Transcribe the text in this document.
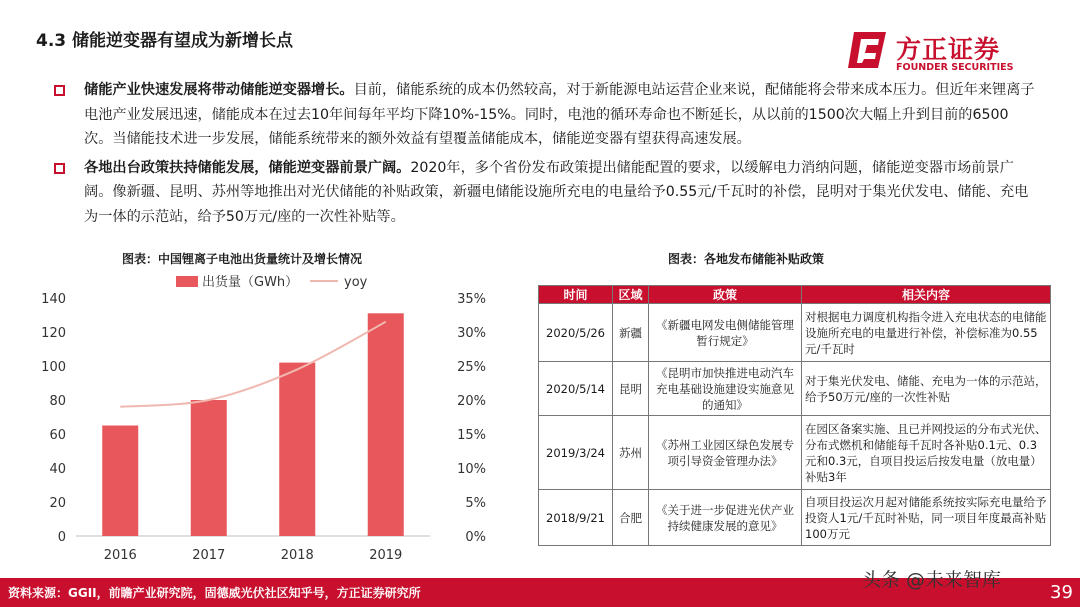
4.3 储能逆变器有望成为新增长点	方正证券
FOUNDER SECURITIES
储能产业快速发展将带动储能逆变器增长。目前，储能系统的成本仍然较高，对于新能源电站运营企业来说，配储能将会带来成本压力。但近年来锂离子电池产业发展迅速，储能成本在过去10年间每年平均下降10%-15%。同时，电池的循环寿命也不断延长，从以前的1500次大幅上升到目前的6500次。当储能技术进一步发展，储能系统带来的额外效益有望覆盖储能成本，储能逆变器有望获得高速发展。
各地出台政策扶持储能发展，储能逆变器前景广阔。2020年，多个省份发布政策提出储能配置的要求，以缓解电力消纳问题，储能逆变器市场前景广阔。像新疆、昆明、苏州等地推出对光伏储能的补贴政策，新疆电储能设施所充电的电量给予0.55元/千瓦时的补偿，昆明对于集光伏发电、储能、充电为一体的示范站，给予50万元/座的一次性补贴等。
图表：中国锂离子电池出货量统计及增长情况	图表：各地发布储能补贴政策
0
20
40
60
80
100
120
140
0%
5%
10%
15%
20%
25%
30%
35%
2016	2017	2018	2019
出货量（GWh）	yoy
时间	区域	政策	相关内容
2020/5/26	新疆	《新疆电网发电侧储能管理暂行规定》	对根据电力调度机构指令进入充电状态的电储能设施所充电的电量进行补偿，补偿标准为0.55元/千瓦时
2020/5/14	昆明	《昆明市加快推进电动汽车充电基础设施建设实施意见的通知》	对于集光伏发电、储能、充电为一体的示范站，给予50万元/座的一次性补贴
2019/3/24	苏州	《苏州工业园区绿色发展专项引导资金管理办法》	在园区备案实施、且已并网投运的分布式光伏、分布式燃机和储能每千瓦时各补贴0.1元、0.3元和0.3元，自项目投运后按发电量（放电量）补贴3年
2018/9/21	合肥	《关于进一步促进光伏产业持续健康发展的意见》	自项目投运次月起对储能系统按实际充电量给予投资人1元/千瓦时补贴，同一项目年度最高补贴100万元
资料来源：GGII，前瞻产业研究院，固德威光伏社区知乎号，方正证券研究所
头条 @未来智库
39
